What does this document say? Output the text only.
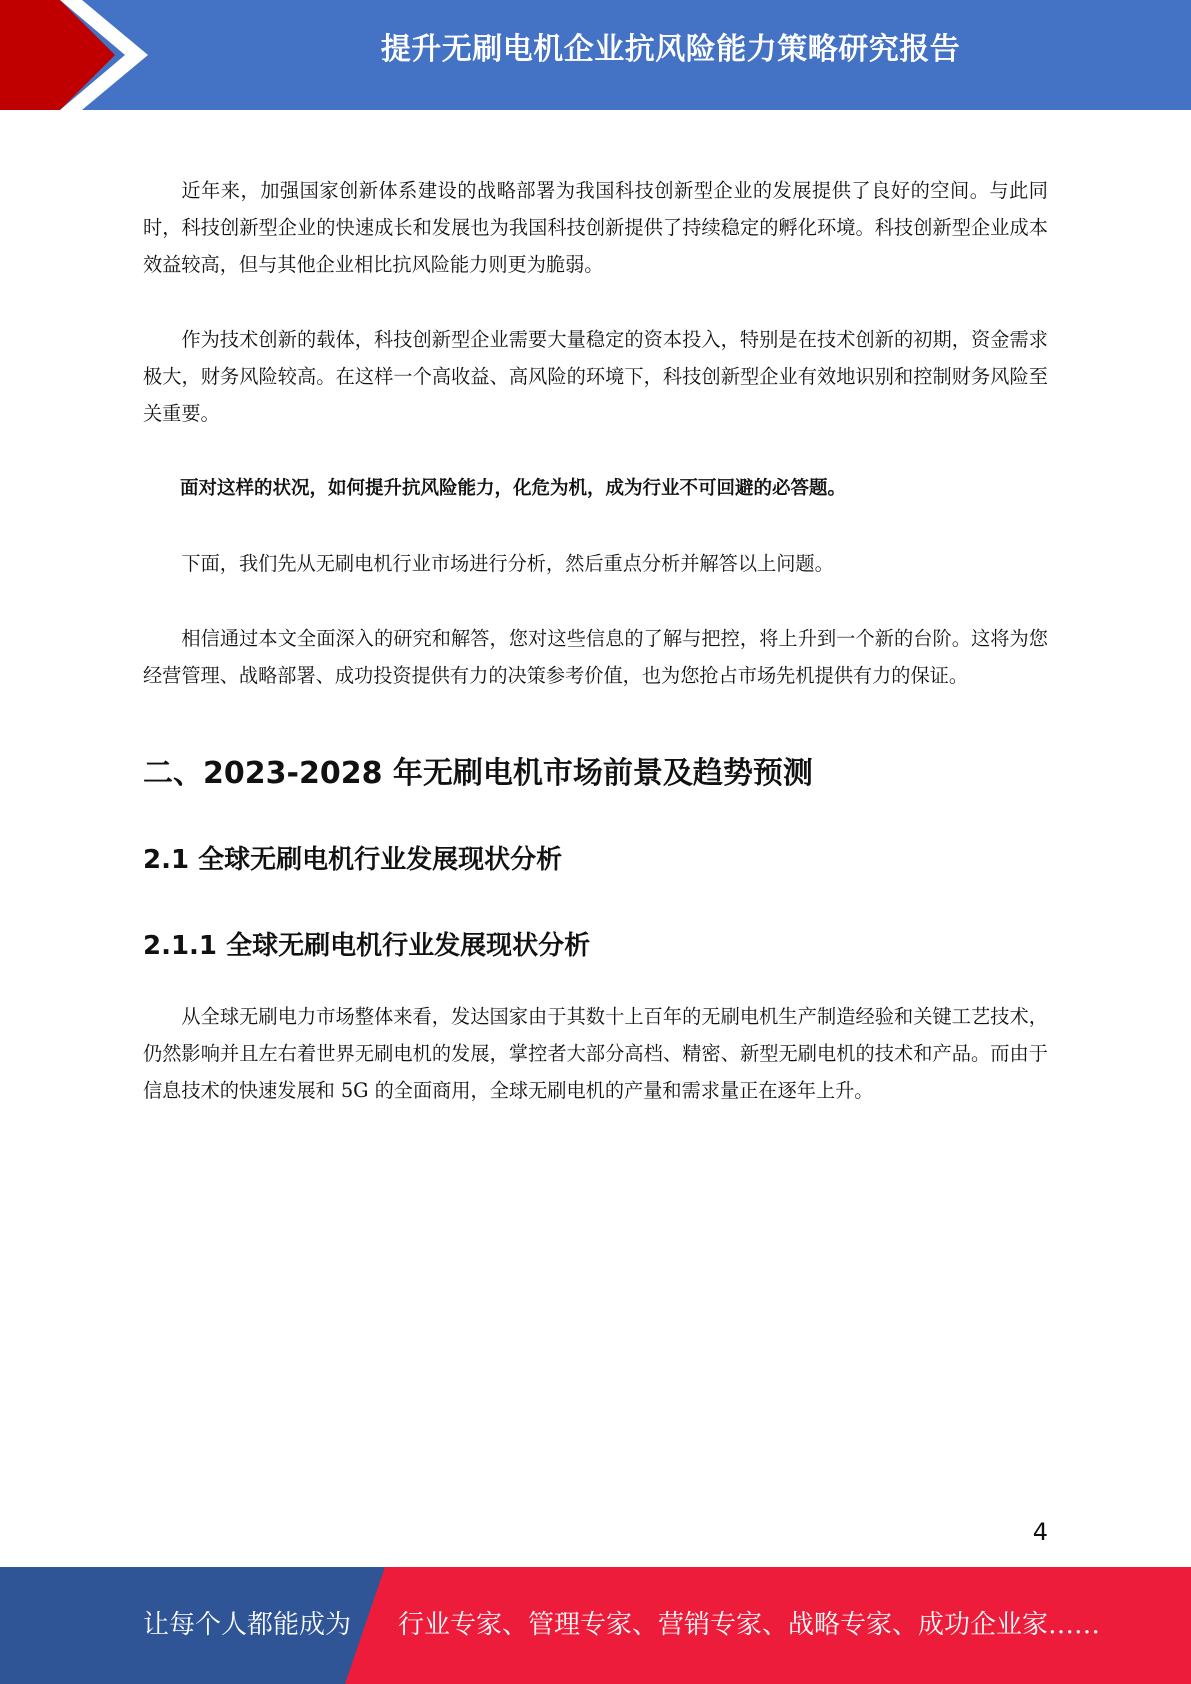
提升无刷电机企业抗风险能力策略研究报告

近年来，加强国家创新体系建设的战略部署为我国科技创新型企业的发展提供了良好的空间。与此同时，科技创新型企业的快速成长和发展也为我国科技创新提供了持续稳定的孵化环境。科技创新型企业成本效益较高，但与其他企业相比抗风险能力则更为脆弱。

作为技术创新的载体，科技创新型企业需要大量稳定的资本投入，特别是在技术创新的初期，资金需求极大，财务风险较高。在这样一个高收益、高风险的环境下，科技创新型企业有效地识别和控制财务风险至关重要。

面对这样的状况，如何提升抗风险能力，化危为机，成为行业不可回避的必答题。

下面，我们先从无刷电机行业市场进行分析，然后重点分析并解答以上问题。

相信通过本文全面深入的研究和解答，您对这些信息的了解与把控，将上升到一个新的台阶。这将为您经营管理、战略部署、成功投资提供有力的决策参考价值，也为您抢占市场先机提供有力的保证。

二、2023-2028 年无刷电机市场前景及趋势预测
2.1 全球无刷电机行业发展现状分析
2.1.1 全球无刷电机行业发展现状分析

从全球无刷电力市场整体来看，发达国家由于其数十上百年的无刷电机生产制造经验和关键工艺技术，仍然影响并且左右着世界无刷电机的发展，掌控者大部分高档、精密、新型无刷电机的技术和产品。而由于信息技术的快速发展和 5G 的全面商用，全球无刷电机的产量和需求量正在逐年上升。

4
让每个人都能成为 行业专家、管理专家、营销专家、战略专家、成功企业家……
